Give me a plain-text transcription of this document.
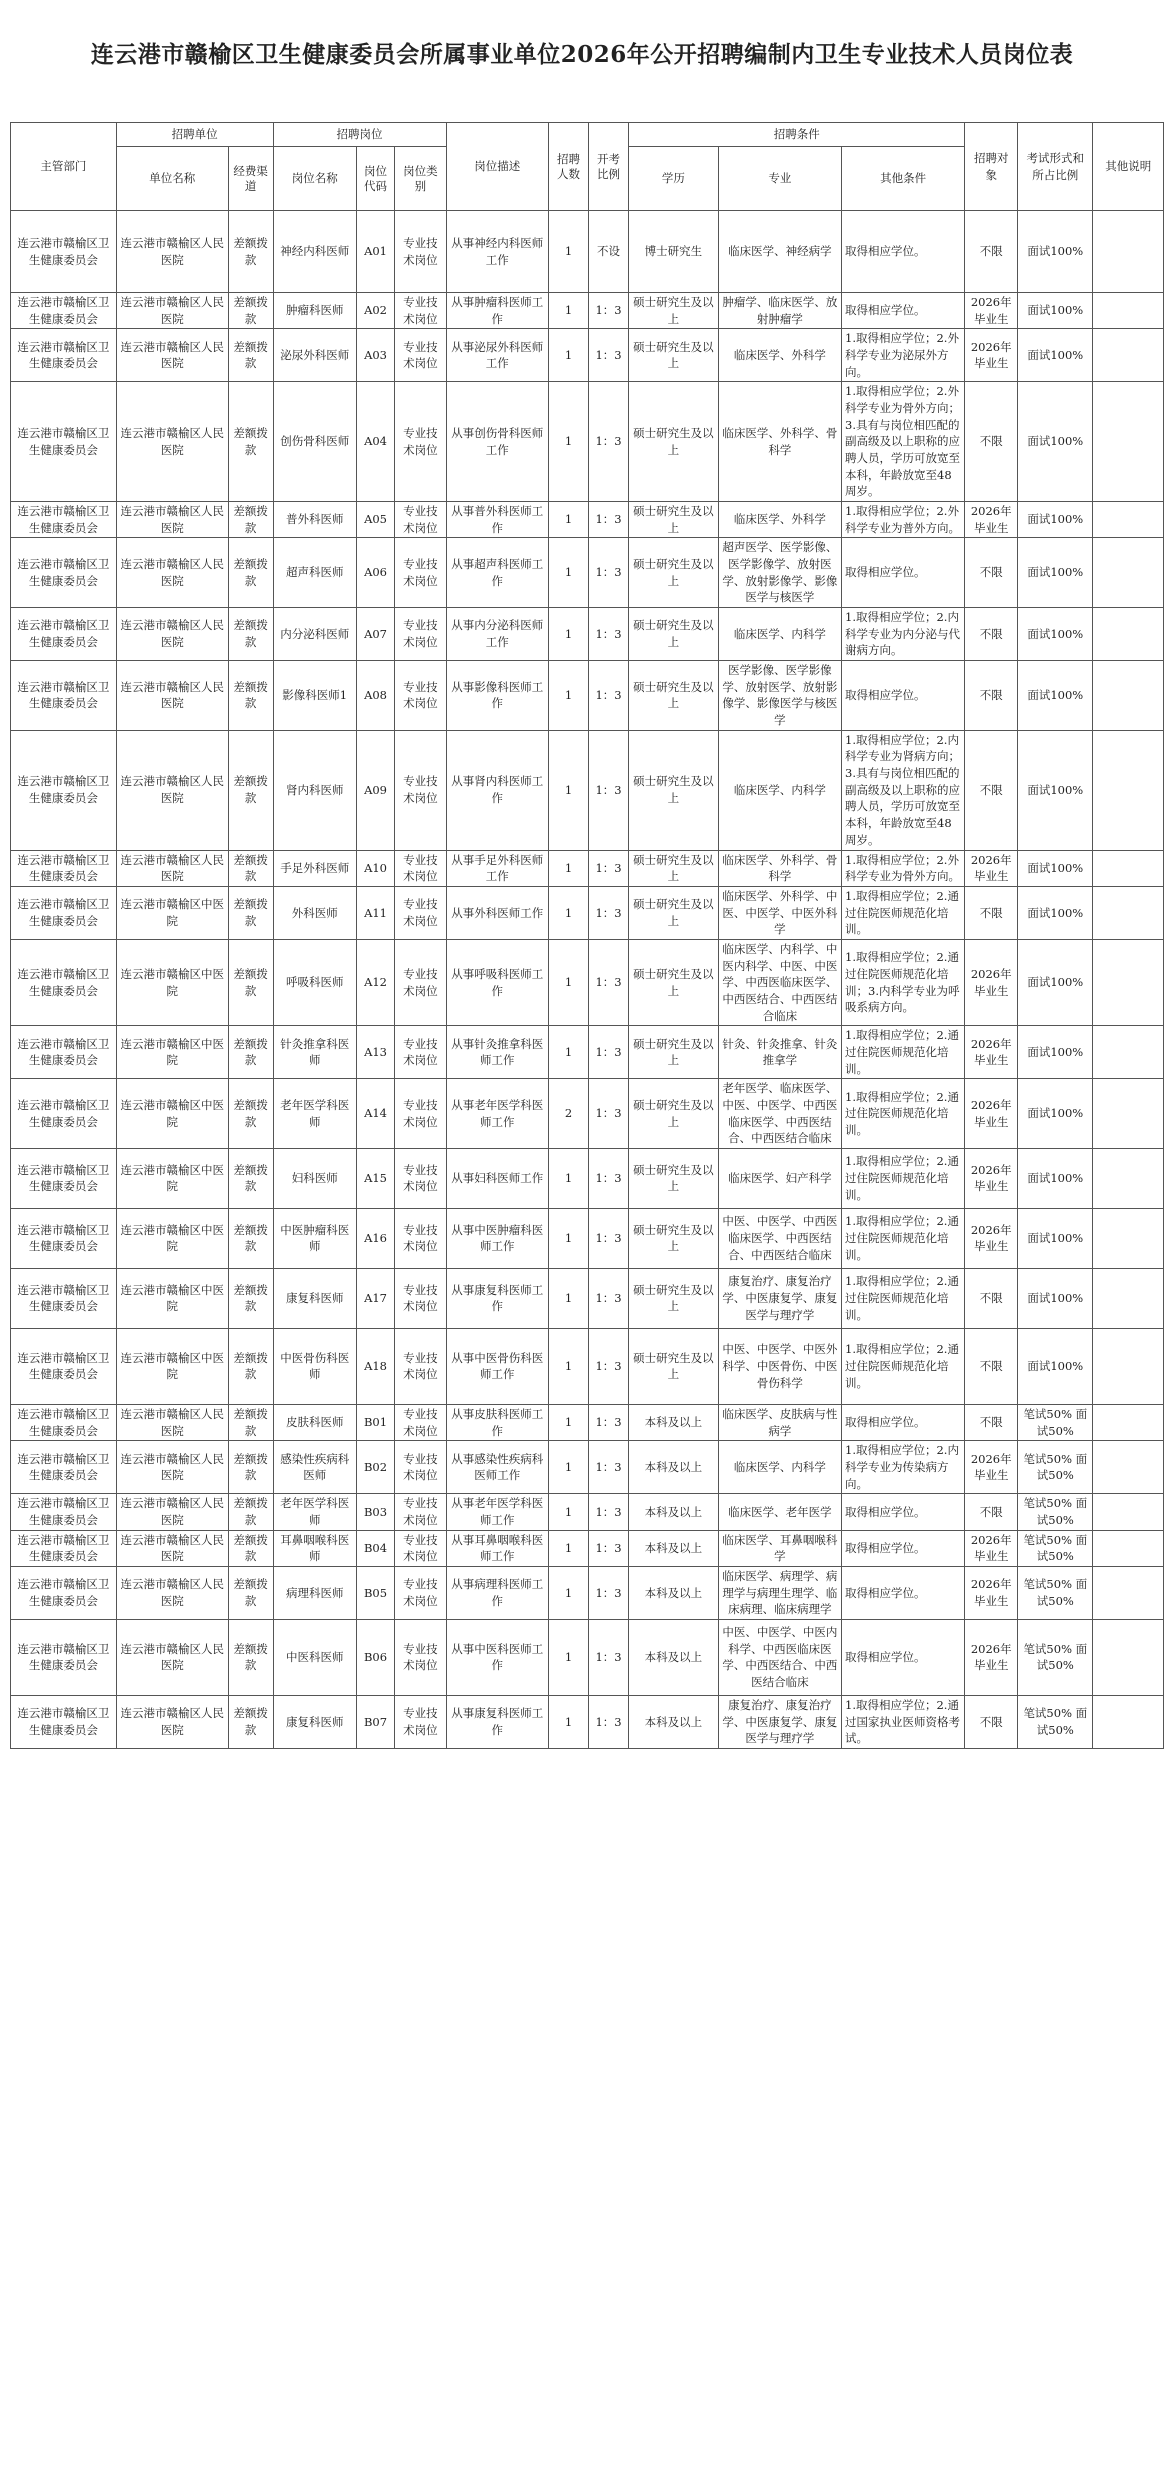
连云港市赣榆区卫生健康委员会所属事业单位2026年公开招聘编制内卫生专业技术人员岗位表
主管部门	招聘单位		招聘岗位			岗位描述	招聘人数	开考比例	招聘条件			招聘对象	考试形式和所占比例	其他说明
	单位名称	经费渠道	岗位名称	岗位代码	岗位类别				学历	专业	其他条件			
连云港市赣榆区卫生健康委员会	连云港市赣榆区人民医院	差额拨款	神经内科医师	A01	专业技术岗位	从事神经内科医师工作	1	不设	博士研究生	临床医学、神经病学	取得相应学位。	不限	面试100%	
连云港市赣榆区卫生健康委员会	连云港市赣榆区人民医院	差额拨款	肿瘤科医师	A02	专业技术岗位	从事肿瘤科医师工作	1	1：3	硕士研究生及以上	肿瘤学、临床医学、放射肿瘤学	取得相应学位。	2026年毕业生	面试100%	
连云港市赣榆区卫生健康委员会	连云港市赣榆区人民医院	差额拨款	泌尿外科医师	A03	专业技术岗位	从事泌尿外科医师工作	1	1：3	硕士研究生及以上	临床医学、外科学	1.取得相应学位；2.外科学专业为泌尿外方向。	2026年毕业生	面试100%	
连云港市赣榆区卫生健康委员会	连云港市赣榆区人民医院	差额拨款	创伤骨科医师	A04	专业技术岗位	从事创伤骨科医师工作	1	1：3	硕士研究生及以上	临床医学、外科学、骨科学	1.取得相应学位；2.外科学专业为骨外方向； 3.具有与岗位相匹配的副高级及以上职称的应聘人员，学历可放宽至本科，年龄放宽至48周岁。	不限	面试100%	
连云港市赣榆区卫生健康委员会	连云港市赣榆区人民医院	差额拨款	普外科医师	A05	专业技术岗位	从事普外科医师工作	1	1：3	硕士研究生及以上	临床医学、外科学	1.取得相应学位；2.外科学专业为普外方向。	2026年毕业生	面试100%	
连云港市赣榆区卫生健康委员会	连云港市赣榆区人民医院	差额拨款	超声科医师	A06	专业技术岗位	从事超声科医师工作	1	1：3	硕士研究生及以上	超声医学、医学影像、医学影像学、放射医学、放射影像学、影像医学与核医学	取得相应学位。	不限	面试100%	
连云港市赣榆区卫生健康委员会	连云港市赣榆区人民医院	差额拨款	内分泌科医师	A07	专业技术岗位	从事内分泌科医师工作	1	1：3	硕士研究生及以上	临床医学、内科学	1.取得相应学位；2.内科学专业为内分泌与代谢病方向。	不限	面试100%	
连云港市赣榆区卫生健康委员会	连云港市赣榆区人民医院	差额拨款	影像科医师1	A08	专业技术岗位	从事影像科医师工作	1	1：3	硕士研究生及以上	医学影像、医学影像学、放射医学、放射影像学、影像医学与核医学	取得相应学位。	不限	面试100%	
连云港市赣榆区卫生健康委员会	连云港市赣榆区人民医院	差额拨款	肾内科医师	A09	专业技术岗位	从事肾内科医师工作	1	1：3	硕士研究生及以上	临床医学、内科学	1.取得相应学位；2.内科学专业为肾病方向； 3.具有与岗位相匹配的副高级及以上职称的应聘人员，学历可放宽至本科，年龄放宽至48周岁。	不限	面试100%	
连云港市赣榆区卫生健康委员会	连云港市赣榆区人民医院	差额拨款	手足外科医师	A10	专业技术岗位	从事手足外科医师工作	1	1：3	硕士研究生及以上	临床医学、外科学、骨科学	1.取得相应学位；2.外科学专业为骨外方向。	2026年毕业生	面试100%	
连云港市赣榆区卫生健康委员会	连云港市赣榆区中医院	差额拨款	外科医师	A11	专业技术岗位	从事外科医师工作	1	1：3	硕士研究生及以上	临床医学、外科学、中医、中医学、中医外科学	1.取得相应学位；2.通过住院医师规范化培训。	不限	面试100%	
连云港市赣榆区卫生健康委员会	连云港市赣榆区中医院	差额拨款	呼吸科医师	A12	专业技术岗位	从事呼吸科医师工作	1	1：3	硕士研究生及以上	临床医学、内科学、中医内科学、中医、中医学、中西医临床医学、中西医结合、中西医结合临床	1.取得相应学位；2.通过住院医师规范化培训；3.内科学专业为呼吸系病方向。	2026年毕业生	面试100%	
连云港市赣榆区卫生健康委员会	连云港市赣榆区中医院	差额拨款	针灸推拿科医师	A13	专业技术岗位	从事针灸推拿科医师工作	1	1：3	硕士研究生及以上	针灸、针灸推拿、针灸推拿学	1.取得相应学位；2.通过住院医师规范化培训。	2026年毕业生	面试100%	
连云港市赣榆区卫生健康委员会	连云港市赣榆区中医院	差额拨款	老年医学科医师	A14	专业技术岗位	从事老年医学科医师工作	2	1：3	硕士研究生及以上	老年医学、临床医学、中医、中医学、中西医临床医学、中西医结合、中西医结合临床	1.取得相应学位；2.通过住院医师规范化培训。	2026年毕业生	面试100%	
连云港市赣榆区卫生健康委员会	连云港市赣榆区中医院	差额拨款	妇科医师	A15	专业技术岗位	从事妇科医师工作	1	1：3	硕士研究生及以上	临床医学、妇产科学	1.取得相应学位；2.通过住院医师规范化培训。	2026年毕业生	面试100%	
连云港市赣榆区卫生健康委员会	连云港市赣榆区中医院	差额拨款	中医肿瘤科医师	A16	专业技术岗位	从事中医肿瘤科医师工作	1	1：3	硕士研究生及以上	中医、中医学、中西医临床医学、中西医结合、中西医结合临床	1.取得相应学位；2.通过住院医师规范化培训。	2026年毕业生	面试100%	
连云港市赣榆区卫生健康委员会	连云港市赣榆区中医院	差额拨款	康复科医师	A17	专业技术岗位	从事康复科医师工作	1	1：3	硕士研究生及以上	康复治疗、康复治疗学、中医康复学、康复医学与理疗学	1.取得相应学位；2.通过住院医师规范化培训。	不限	面试100%	
连云港市赣榆区卫生健康委员会	连云港市赣榆区中医院	差额拨款	中医骨伤科医师	A18	专业技术岗位	从事中医骨伤科医师工作	1	1：3	硕士研究生及以上	中医、中医学、中医外科学、中医骨伤、中医骨伤科学	1.取得相应学位；2.通过住院医师规范化培训。	不限	面试100%	
连云港市赣榆区卫生健康委员会	连云港市赣榆区人民医院	差额拨款	皮肤科医师	B01	专业技术岗位	从事皮肤科医师工作	1	1：3	本科及以上	临床医学、皮肤病与性病学	取得相应学位。	不限	笔试50% 面试50%	
连云港市赣榆区卫生健康委员会	连云港市赣榆区人民医院	差额拨款	感染性疾病科医师	B02	专业技术岗位	从事感染性疾病科医师工作	1	1：3	本科及以上	临床医学、内科学	1.取得相应学位；2.内科学专业为传染病方向。	2026年毕业生	笔试50% 面试50%	
连云港市赣榆区卫生健康委员会	连云港市赣榆区人民医院	差额拨款	老年医学科医师	B03	专业技术岗位	从事老年医学科医师工作	1	1：3	本科及以上	临床医学、老年医学	取得相应学位。	不限	笔试50% 面试50%	
连云港市赣榆区卫生健康委员会	连云港市赣榆区人民医院	差额拨款	耳鼻咽喉科医师	B04	专业技术岗位	从事耳鼻咽喉科医师工作	1	1：3	本科及以上	临床医学、耳鼻咽喉科学	取得相应学位。	2026年毕业生	笔试50% 面试50%	
连云港市赣榆区卫生健康委员会	连云港市赣榆区人民医院	差额拨款	病理科医师	B05	专业技术岗位	从事病理科医师工作	1	1：3	本科及以上	临床医学、病理学、病理学与病理生理学、临床病理、临床病理学	取得相应学位。	2026年毕业生	笔试50% 面试50%	
连云港市赣榆区卫生健康委员会	连云港市赣榆区人民医院	差额拨款	中医科医师	B06	专业技术岗位	从事中医科医师工作	1	1：3	本科及以上	中医、中医学、中医内科学、中西医临床医学、中西医结合、中西医结合临床	取得相应学位。	2026年毕业生	笔试50% 面试50%	
连云港市赣榆区卫生健康委员会	连云港市赣榆区人民医院	差额拨款	康复科医师	B07	专业技术岗位	从事康复科医师工作	1	1：3	本科及以上	康复治疗、康复治疗学、中医康复学、康复医学与理疗学	1.取得相应学位；2.通过国家执业医师资格考试。	不限	笔试50% 面试50%	
